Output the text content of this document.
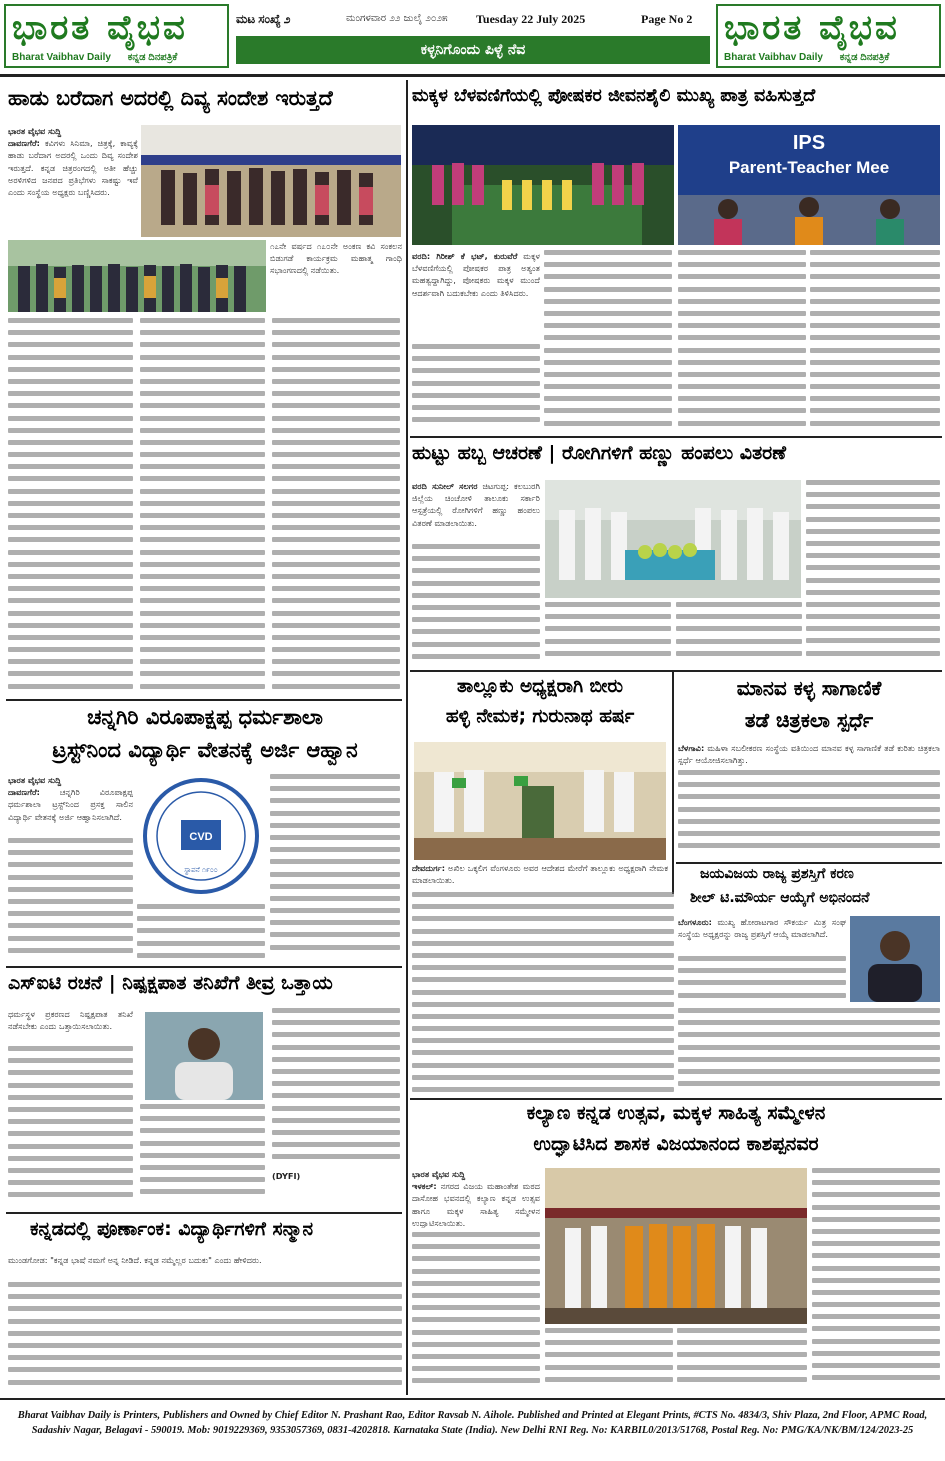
ಭಾರತ ವೈಭವ
Bharat Vaibhav Daily ಕನ್ನಡ ದಿನಪತ್ರಿಕೆ
ಮಟ ಸಂಖ್ಯೆ ೨	ಮಂಗಳವಾರ ೨೨ ಜುಲೈ ೨೦೨೫ Tuesday 22 July 2025	Page No 2
ಕಳ್ಳನಿಗೊಂದು ಪಿಳ್ಳೆ ನೆವ
ಭಾರತ ವೈಭವ
Bharat Vaibhav Daily ಕನ್ನಡ ದಿನಪತ್ರಿಕೆ
ಹಾಡು ಬರೆದಾಗ ಅದರಲ್ಲಿ ದಿವ್ಯ ಸಂದೇಶ ಇರುತ್ತದೆ
ಭಾರತ ವೈಭವ ಸುದ್ದಿ
ದಾವಣಗೆರೆ: ಕವಿಗಳು ಸಿನಿಮಾ, ಚಿತ್ರಕ್ಕೆ, ಕಾವ್ಯಕ್ಕೆ ಹಾಡು ಬರೆದಾಗ ಅದರಲ್ಲಿ ಒಂದು ದಿವ್ಯ ಸಂದೇಶ ಇರುತ್ತದೆ. ಕನ್ನಡ ಚಿತ್ರರಂಗದಲ್ಲಿ ಅತೀ ಹೆಚ್ಚು ಅರಳಿಗಳಿದ ಜನಪದ ಪ್ರತಿಭೆಗಳು ಸಾಕಷ್ಟು ಇವೆ ಎಂದು ಸಂಸ್ಥೆಯ ಅಧ್ಯಕ್ಷರು ಬಣ್ಣಿಸಿದರು.
೧೭ನೇ ವರ್ಷದ ೧೭೦ನೇ ಅಂಕಣ ಕವಿ ಸಂಕಲನ ಬಿಡುಗಡೆ ಕಾರ್ಯಕ್ರಮ ಮಹಾತ್ಮ ಗಾಂಧಿ ಸಭಾಂಗಣದಲ್ಲಿ ನಡೆಯಿತು.
ಚನ್ನಗಿರಿ ವಿರೂಪಾಕ್ಷಪ್ಪ ಧರ್ಮಶಾಲಾ
ಟ್ರಸ್ಟ್‌ನಿಂದ ವಿದ್ಯಾರ್ಥಿ ವೇತನಕ್ಕೆ ಅರ್ಜಿ ಆಹ್ವಾನ
ಭಾರತ ವೈಭವ ಸುದ್ದಿ
ದಾವಣಗೆರೆ: ಚನ್ನಗಿರಿ ವಿರೂಪಾಕ್ಷಪ್ಪ ಧರ್ಮಶಾಲಾ ಟ್ರಸ್ಟ್‌ನಿಂದ ಪ್ರಸಕ್ತ ಸಾಲಿನ ವಿದ್ಯಾರ್ಥಿ ವೇತನಕ್ಕೆ ಅರ್ಜಿ ಆಹ್ವಾನಿಸಲಾಗಿದೆ.
CVD
ಸ್ಥಾಪನೆ ೧೯೦೦
ಎಸ್‌ಐಟಿ ರಚನೆ | ನಿಷ್ಪಕ್ಷಪಾತ ತನಿಖೆಗೆ ತೀವ್ರ ಒತ್ತಾಯ
ಧರ್ಮಸ್ಥಳ ಪ್ರಕರಣದ ನಿಷ್ಪಕ್ಷಪಾತ ತನಿಖೆ ನಡೆಸಬೇಕು ಎಂದು ಒತ್ತಾಯಿಸಲಾಯಿತು.
(DYFI)
ಕನ್ನಡದಲ್ಲಿ ಪೂರ್ಣಾಂಕ: ವಿದ್ಯಾರ್ಥಿಗಳಿಗೆ ಸನ್ಮಾನ
ಮುಂಡಗೋಡ: "ಕನ್ನಡ ಭಾಷೆ ನಮಗೆ ಅನ್ನ ನೀಡಿದೆ. ಕನ್ನಡ ನಮ್ಮೆಲ್ಲರ ಬದುಕು" ಎಂದು ಹೇಳಿದರು.
ಮಕ್ಕಳ ಬೆಳವಣಿಗೆಯಲ್ಲಿ ಪೋಷಕರ ಜೀವನಶೈಲಿ ಮುಖ್ಯ ಪಾತ್ರ ವಹಿಸುತ್ತದೆ
IPS
Parent-Teacher Mee
ವರದಿ: ಗಿರೀಶ್ ಕೆ ಭಟ್, ಕುರುವೆರೆ ಮಕ್ಕಳ ಬೆಳವಣಿಗೆಯಲ್ಲಿ ಪೋಷಕರ ಪಾತ್ರ ಅತ್ಯಂತ ಮಹತ್ವದ್ದಾಗಿದ್ದು, ಪೋಷಕರು ಮಕ್ಕಳ ಮುಂದೆ ಆದರ್ಶವಾಗಿ ಬದುಕಬೇಕು ಎಂದು ತಿಳಿಸಿದರು.
ಹುಟ್ಟು ಹಬ್ಬ ಆಚರಣೆ | ರೋಗಿಗಳಿಗೆ ಹಣ್ಣು ಹಂಪಲು ವಿತರಣೆ
ವರದಿ ಸುನೀಲ್ ಸಲಗರ ಚಿಟಗುಪ್ಪ: ಕಲಬುರಗಿ ಜಿಲ್ಲೆಯ ಚಿಂಚೋಳಿ ತಾಲೂಕು ಸರ್ಕಾರಿ ಆಸ್ಪತ್ರೆಯಲ್ಲಿ ರೋಗಿಗಳಿಗೆ ಹಣ್ಣು ಹಂಪಲು ವಿತರಣೆ ಮಾಡಲಾಯಿತು.
ತಾಲ್ಲೂಕು ಅಧ್ಯಕ್ಷರಾಗಿ ಬೀರು
ಹಳ್ಳಿ ನೇಮಕ; ಗುರುನಾಥ ಹರ್ಷ
ದೇವದುರ್ಗ: ಅಖಿಲ ಒಕ್ಕಲಿಗ ವೆಂಗಳೂರು ಅವರ ಆದೇಶದ ಮೇರೆಗೆ ತಾಲ್ಲೂಕು ಅಧ್ಯಕ್ಷರಾಗಿ ನೇಮಕ ಮಾಡಲಾಯಿತು.
ಮಾನವ ಕಳ್ಳ ಸಾಗಾಣಿಕೆ
ತಡೆ ಚಿತ್ರಕಲಾ ಸ್ಪರ್ಧೆ
ಬೆಳಗಾವಿ: ಮಹಿಳಾ ಸಬಲೀಕರಣ ಸಂಸ್ಥೆಯ ವತಿಯಿಂದ ಮಾನವ ಕಳ್ಳ ಸಾಗಾಣಿಕೆ ತಡೆ ಕುರಿತು ಚಿತ್ರಕಲಾ ಸ್ಪರ್ಧೆ ಆಯೋಜಿಸಲಾಗಿತ್ತು.
ಜಯವಿಜಯ ರಾಜ್ಯ ಪ್ರಶಸ್ತಿಗೆ ಕರಣ
ಶೀಲ್ ಟಿ.ಮೌರ್ಯ ಆಯ್ಕೆಗೆ ಅಭಿನಂದನೆ
ಬೆಂಗಳೂರು: ಮುಖ್ಯ ಹೋರಾಟಗಾರ ಸೌಕರ್ಯ ಮಿತ್ರ ಸಂಘ ಸಂಸ್ಥೆಯ ಅಧ್ಯಕ್ಷರನ್ನು ರಾಜ್ಯ ಪ್ರಶಸ್ತಿಗೆ ಆಯ್ಕೆ ಮಾಡಲಾಗಿದೆ.
ಕಲ್ಯಾಣ ಕನ್ನಡ ಉತ್ಸವ, ಮಕ್ಕಳ ಸಾಹಿತ್ಯ ಸಮ್ಮೇಳನ
ಉದ್ಘಾಟಿಸಿದ ಶಾಸಕ ವಿಜಯಾನಂದ ಕಾಶಪ್ಪನವರ
ಭಾರತ ವೈಭವ ಸುದ್ದಿ
ಇಳಕಲ್: ನಗರದ ವಿಜಯ ಮಹಾಂತೇಶ ಮಠದ ದಾಸೋಹ ಭವನದಲ್ಲಿ ಕಲ್ಯಾಣ ಕನ್ನಡ ಉತ್ಸವ ಹಾಗೂ ಮಕ್ಕಳ ಸಾಹಿತ್ಯ ಸಮ್ಮೇಳನ ಉದ್ಘಾಟಿಸಲಾಯಿತು.
Bharat Vaibhav Daily is Printers, Publishers and Owned by Chief Editor N. Prashant Rao, Editor Ravsab N. Aihole. Published and Printed at Elegant Prints, #CTS No. 4834/3, Shiv Plaza, 2nd Floor, APMC Road,
Sadashiv Nagar, Belagavi - 590019. Mob: 9019229369, 9353057369, 0831-4202818. Karnataka State (India). New Delhi RNI Reg. No: KARBIL0/2013/51768, Postal Reg. No: PMG/KA/NK/BM/124/2023-25
